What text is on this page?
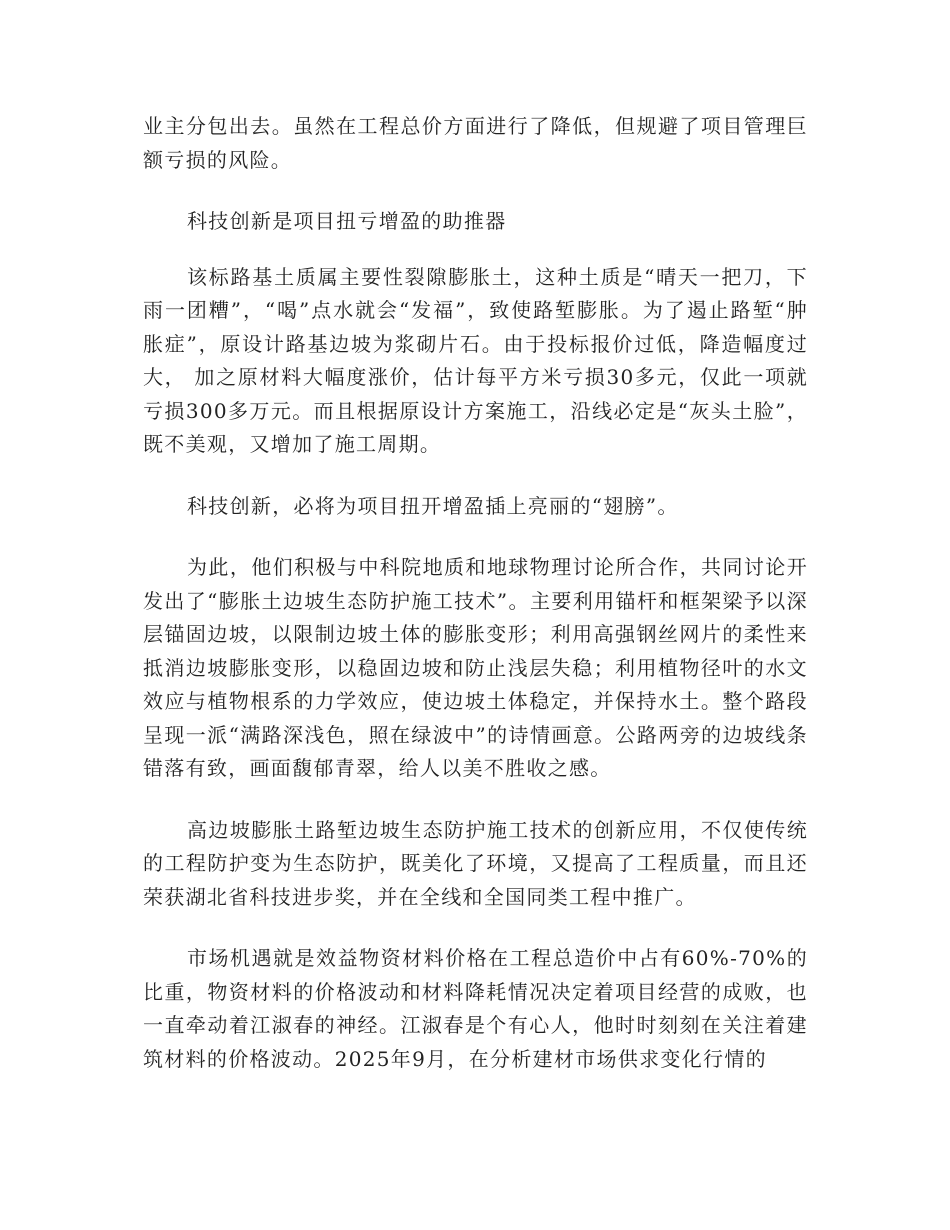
业主分包出去。虽然在工程总价方面进行了降低，但规避了项目管理巨额亏损的风险。

科技创新是项目扭亏增盈的助推器

该标路基土质属主要性裂隙膨胀土，这种土质是“晴天一把刀，下雨一团糟”，“喝”点水就会“发福”，致使路堑膨胀。为了遏止路堑“肿胀症”，原设计路基边坡为浆砌片石。由于投标报价过低，降造幅度过大， 加之原材料大幅度涨价，估计每平方米亏损30多元，仅此一项就亏损300多万元。而且根据原设计方案施工，沿线必定是“灰头土脸”，既不美观，又增加了施工周期。

科技创新，必将为项目扭开增盈插上亮丽的“翅膀”。

为此，他们积极与中科院地质和地球物理讨论所合作，共同讨论开发出了“膨胀土边坡生态防护施工技术”。主要利用锚杆和框架梁予以深层锚固边坡，以限制边坡土体的膨胀变形；利用高强钢丝网片的柔性来抵消边坡膨胀变形，以稳固边坡和防止浅层失稳；利用植物径叶的水文效应与植物根系的力学效应，使边坡土体稳定，并保持水土。整个路段呈现一派“满路深浅色，照在绿波中”的诗情画意。公路两旁的边坡线条错落有致，画面馥郁青翠，给人以美不胜收之感。

高边坡膨胀土路堑边坡生态防护施工技术的创新应用，不仅使传统的工程防护变为生态防护，既美化了环境，又提高了工程质量，而且还荣获湖北省科技进步奖，并在全线和全国同类工程中推广。

市场机遇就是效益物资材料价格在工程总造价中占有60%-70%的比重，物资材料的价格波动和材料降耗情况决定着项目经营的成败，也一直牵动着江淑春的神经。江淑春是个有心人，他时时刻刻在关注着建筑材料的价格波动。2025年9月，在分析建材市场供求变化行情的
